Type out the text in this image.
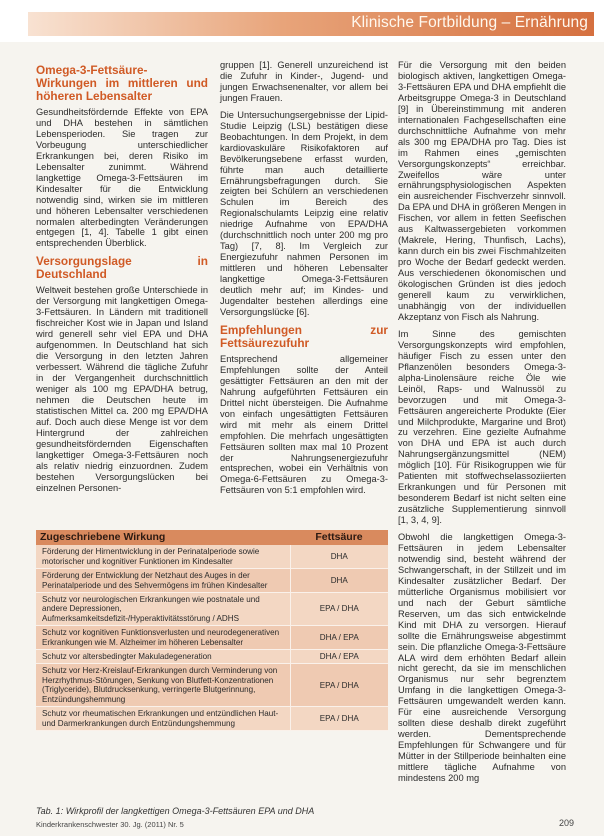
Klinische Fortbildung – Ernährung
Omega-3-Fettsäure-Wirkungen im mittleren und höheren Lebensalter

Gesundheitsfördernde Effekte von EPA und DHA bestehen in sämtlichen Lebensperioden. Sie tragen zur Vorbeugung unterschiedlicher Erkrankungen bei, deren Risiko im Lebensalter zunimmt. Während langkettige Omega-3-Fettsäuren im Kindesalter für die Entwicklung notwendig sind, wirken sie im mittleren und höheren Lebensalter verschiedenen normalen alterbedingten Veränderungen entgegen [1, 4]. Tabelle 1 gibt einen entsprechenden Überblick.

Versorgungslage in Deutschland

Weltweit bestehen große Unterschiede in der Versorgung mit langkettigen Omega-3-Fettsäuren. In Ländern mit traditionell fischreicher Kost wie in Japan und Island wird generell sehr viel EPA und DHA aufgenommen. In Deutschland hat sich die Versorgung in den letzten Jahren verbessert. Während die tägliche Zufuhr in der Vergangenheit durchschnittlich weniger als 100 mg EPA/DHA betrug, nehmen die Deutschen heute im statistischen Mittel ca. 200 mg EPA/DHA auf. Doch auch diese Menge ist vor dem Hintergrund der zahlreichen gesundheitsfördernden Eigenschaften langkettiger Omega-3-Fettsäuren noch als relativ niedrig einzuordnen. Zudem bestehen Versorgungslücken bei einzelnen Personen-

gruppen [1]. Generell unzureichend ist die Zufuhr in Kinder-, Jugend- und jungen Erwachsenenalter, vor allem bei jungen Frauen.

Die Untersuchungsergebnisse der Lipid-Studie Leipzig (LSL) bestätigen diese Beobachtungen. In dem Projekt, in dem kardiovaskuläre Risikofaktoren auf Bevölkerungsebene erfasst wurden, führte man auch detaillierte Ernährungsbefragungen durch. Sie zeigten bei Schülern an verschiedenen Schulen im Bereich des Regionalschulamts Leipzig eine relativ niedrige Aufnahme von EPA/DHA (durchschnittlich noch unter 200 mg pro Tag) [7, 8]. Im Vergleich zur Energiezufuhr nahmen Personen im mittleren und höheren Lebensalter langkettige Omega-3-Fettsäuren deutlich mehr auf; im Kindes- und Jugendalter bestehen allerdings eine Versorgungslücke [6].

Empfehlungen zur Fettsäurezufuhr

Entsprechend allgemeiner Empfehlungen sollte der Anteil gesättigter Fettsäuren an den mit der Nahrung aufgeführten Fettsäuren ein Drittel nicht übersteigen. Die Aufnahme von einfach ungesättigten Fettsäuren wird mit mehr als einem Drittel empfohlen. Die mehrfach ungesättigten Fettsäuren sollten max mal 10 Prozent der Nahrungsenergiezufuhr entsprechen, wobei ein Verhältnis von Omega-6-Fettsäuren zu Omega-3-Fettsäuren von 5:1 empfohlen wird.

Für die Versorgung mit den beiden biologisch aktiven, langkettigen Omega-3-Fettsäuren EPA und DHA empfiehlt die Arbeitsgruppe Omega-3 in Deutschland [9] in Übereinstimmung mit anderen internationalen Fachgesellschaften eine durchschnittliche Aufnahme von mehr als 300 mg EPA/DHA pro Tag. Dies ist im Rahmen eines „gemischten Versorgungskonzepts“ erreichbar. Zweifellos wäre unter ernährungsphysiologischen Aspekten ein ausreichender Fischverzehr sinnvoll. Da EPA und DHA in größeren Mengen in Fischen, vor allem in fetten Seefischen aus Kaltwassergebieten vorkommen (Makrele, Hering, Thunfisch, Lachs), kann durch ein bis zwei Fischmahlzeiten pro Woche der Bedarf gedeckt werden. Aus verschiedenen ökonomischen und ökologischen Gründen ist dies jedoch generell kaum zu verwirklichen, unabhängig von der individuellen Akzeptanz von Fisch als Nahrung.

Im Sinne des gemischten Versorgungskonzepts wird empfohlen, häufiger Fisch zu essen unter den Pflanzenölen besonders Omega-3-alpha-Linolensäure reiche Öle wie Leinöl, Raps- und Walnussöl zu bevorzugen und mit Omega-3-Fettsäuren angereicherte Produkte (Eier und Milchprodukte, Margarine und Brot) zu verzehren. Eine gezielte Aufnahme von DHA und EPA ist auch durch Nahrungsergänzungsmittel (NEM) möglich [10]. Für Risikogruppen wie für Patienten mit stoffwechselassoziierten Erkrankungen und für Personen mit besonderem Bedarf ist nicht selten eine zusätzliche Supplementierung sinnvoll [1, 3, 4, 9].

Obwohl die langkettigen Omega-3-Fettsäuren in jedem Lebensalter notwendig sind, besteht während der Schwangerschaft, in der Stillzeit und im Kindesalter zusätzlicher Bedarf. Der mütterliche Organismus mobilisiert vor und nach der Geburt sämtliche Reserven, um das sich entwickelnde Kind mit DHA zu versorgen. Hierauf sollte die Ernährungsweise abgestimmt sein. Die pflanzliche Omega-3-Fettsäure ALA wird dem erhöhten Bedarf allein nicht gerecht, da sie im menschlichen Organismus nur sehr begrenztem Umfang in die langkettigen Omega-3-Fettsäuren umgewandelt werden kann. Für eine ausreichende Versorgung sollten diese deshalb direkt zugeführt werden. Dementsprechende Empfehlungen für Schwangere und für Mütter in der Stillperiode beinhalten eine mittlere tägliche Aufnahme von mindestens 200 mg

Zugeschriebene Wirkung	Fettsäure
Förderung der Hirnentwicklung in der Perinatalperiode sowie motorischer und kognitiver Funktionen im Kindesalter	DHA
Förderung der Entwicklung der Netzhaut des Auges in der Perinatalperiode und des Sehvermögens im frühen Kindesalter	DHA
Schutz vor neurologischen Erkrankungen wie postnatale und andere Depressionen, Aufmerksamkeitsdefizit-/Hyperaktivitätsstörung / ADHS	EPA / DHA
Schutz vor kognitiven Funktionsverlusten und neurodegenerativen Erkrankungen wie M. Alzheimer im höheren Lebensalter	DHA / EPA
Schutz vor altersbedingter Makuladegeneration	DHA / EPA
Schutz vor Herz-Kreislauf-Erkrankungen durch Verminderung von Herzrhythmus-Störungen, Senkung von Blutfett-Konzentrationen (Triglyceride), Blutdrucksenkung, verringerte Blutgerinnung, Entzündungshemmung	EPA / DHA
Schutz vor rheumatischen Erkrankungen und entzündlichen Haut- und Darmerkrankungen durch Entzündungshemmung	EPA / DHA
Tab. 1: Wirkprofil der langkettigen Omega-3-Fettsäuren EPA und DHA
Kinderkrankenschwester 30. Jg. (2011) Nr. 5	209
